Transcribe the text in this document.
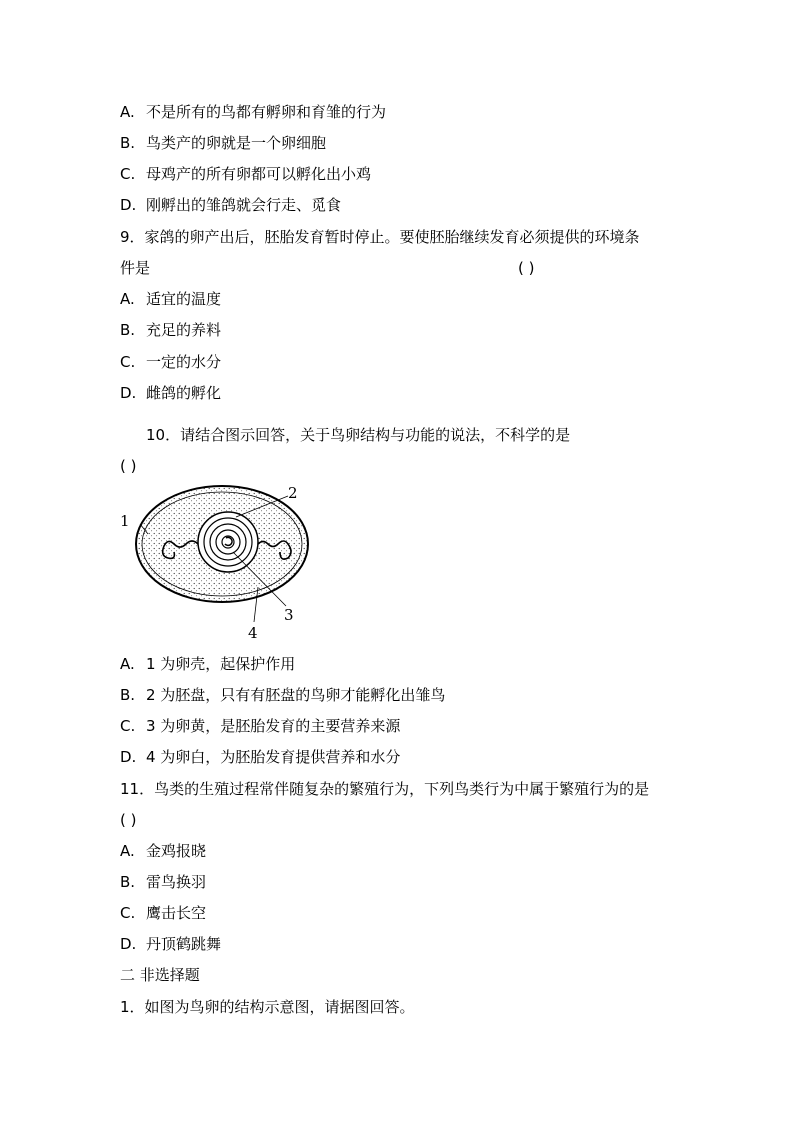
A. 不是所有的鸟都有孵卵和育雏的行为
B. 鸟类产的卵就是一个卵细胞
C. 母鸡产的所有卵都可以孵化出小鸡
D. 刚孵出的雏鸽就会行走、觅食
9．家鸽的卵产出后，胚胎发育暂时停止。要使胚胎继续发育必须提供的环境条
件是	( )
A. 适宜的温度
B. 充足的养料
C. 一定的水分
D. 雌鸽的孵化
10．请结合图示回答，关于鸟卵结构与功能的说法，不科学的是
( )
1
2
3
4
A. 1 为卵壳，起保护作用
B. 2 为胚盘，只有有胚盘的鸟卵才能孵化出雏鸟
C. 3 为卵黄，是胚胎发育的主要营养来源
D. 4 为卵白，为胚胎发育提供营养和水分
11．鸟类的生殖过程常伴随复杂的繁殖行为，下列鸟类行为中属于繁殖行为的是
( )
A. 金鸡报晓
B. 雷鸟换羽
C. 鹰击长空
D. 丹顶鹤跳舞
二 非选择题
1．如图为鸟卵的结构示意图，请据图回答。
